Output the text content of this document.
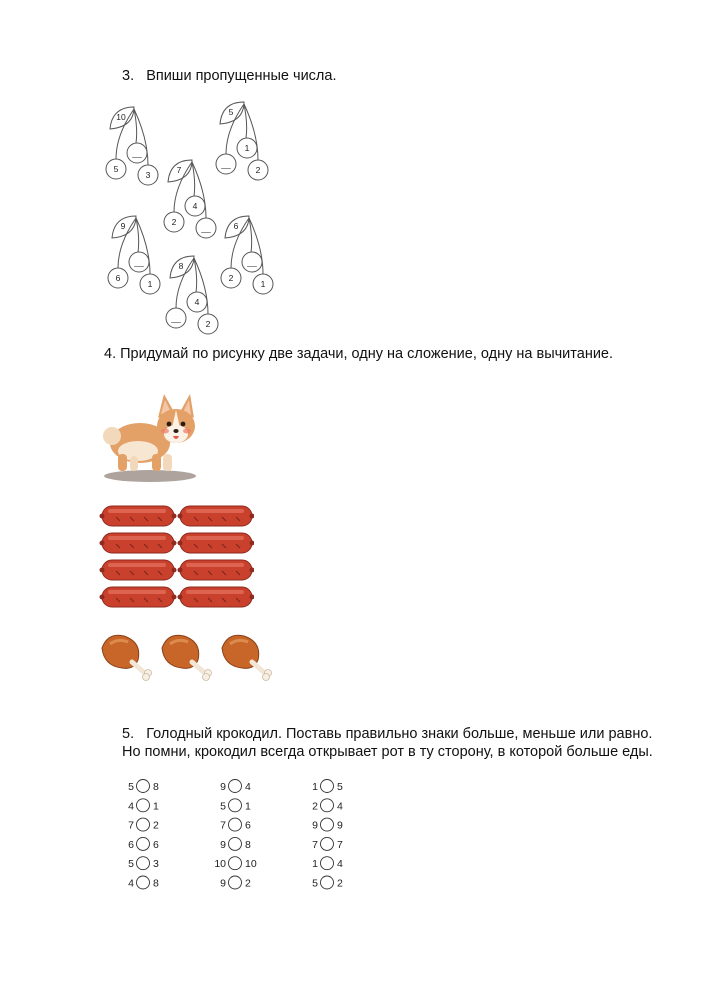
3. Впиши пропущенные числа.
5
__
3
10
__
1
2
5
2
4
__
7
6
__
1
9
2
__
1
6
__
4
2
8
4. Придумай по рисунку две задачи, одну на сложение, одну на вычитание.
5. Голодный крокодил. Поставь правильно знаки больше, меньше или равно.
Но помни, крокодил всегда открывает рот в ту сторону, в которой больше еды.
5 8
4 1
7 2
6 6
5 3
4 8
9 4
5 1
7 6
9 8
10 10
9 2
1 5
2 4
9 9
7 7
1 4
5 2
